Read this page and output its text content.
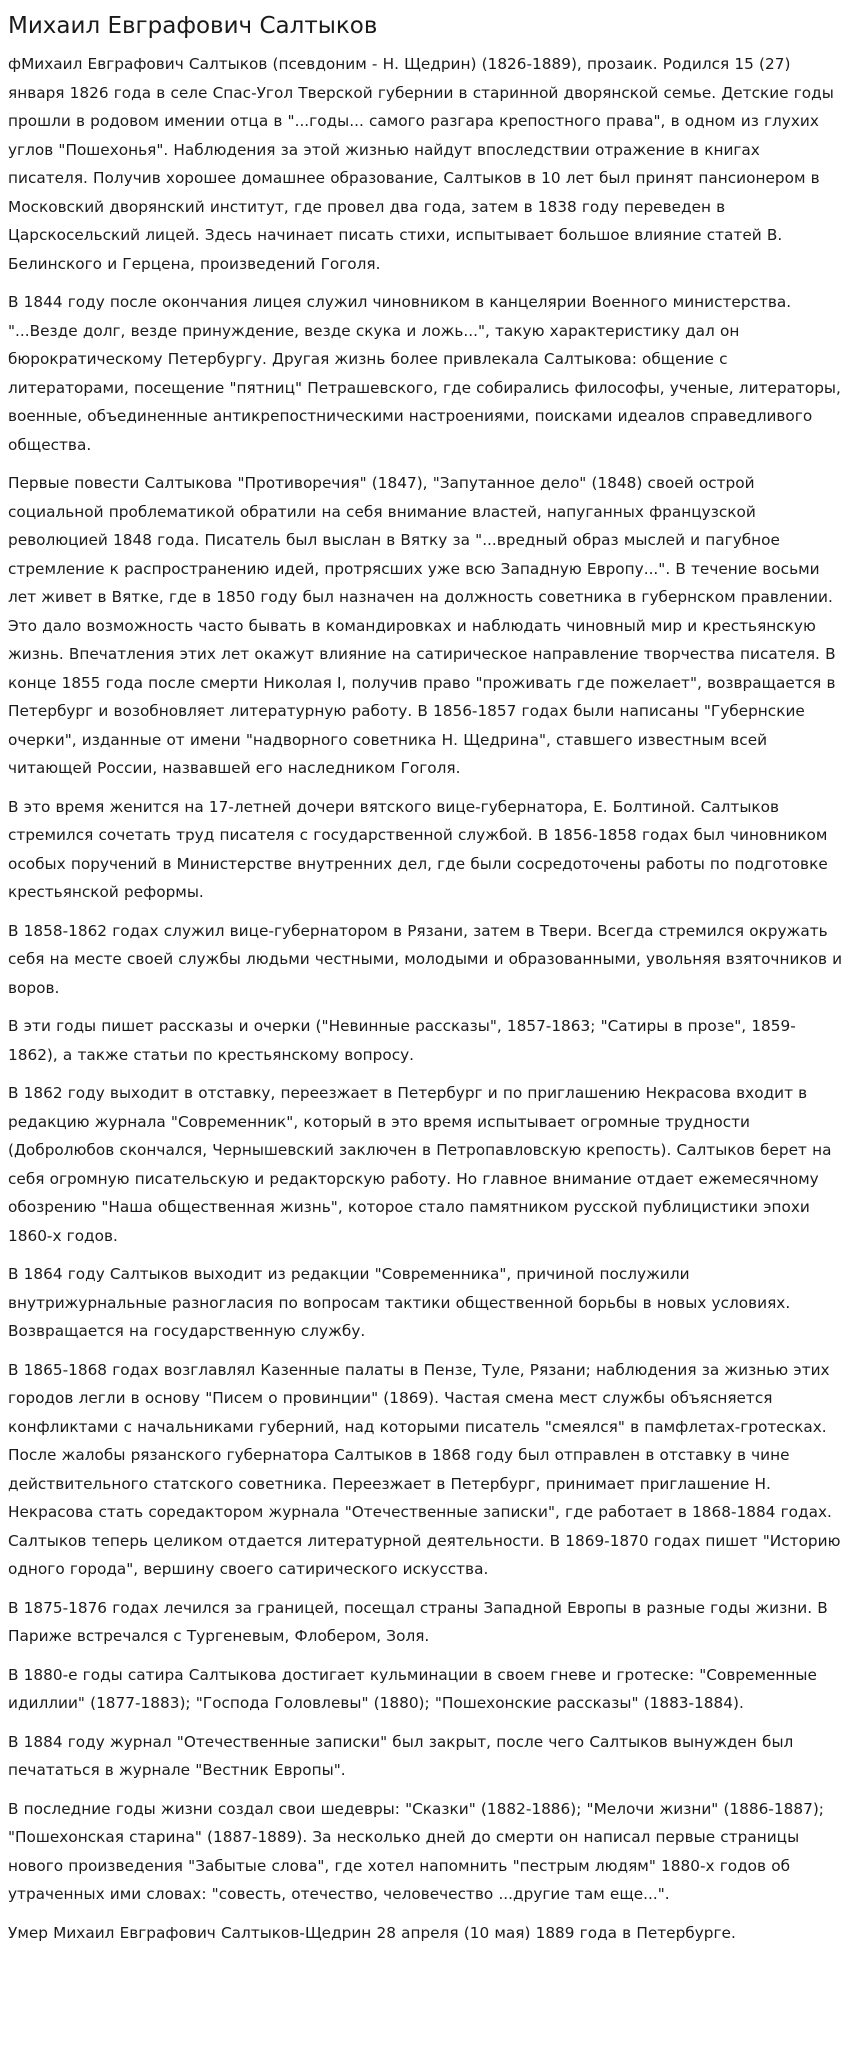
Михаил Евграфович Салтыков

фМихаил Евграфович Салтыков (псевдоним - Н. Щедрин) (1826-1889), прозаик. Родился 15 (27) января 1826 года в селе Спас-Угол Тверской губернии в старинной дворянской семье. Детские годы прошли в родовом имении отца в "...годы... самого разгара крепостного права", в одном из глухих углов "Пошехонья". Наблюдения за этой жизнью найдут впоследствии отражение в книгах писателя. Получив хорошее домашнее образование, Салтыков в 10 лет был принят пансионером в Московский дворянский институт, где провел два года, затем в 1838 году переведен в Царскосельский лицей. Здесь начинает писать стихи, испытывает большое влияние статей В. Белинского и Герцена, произведений Гоголя.

В 1844 году после окончания лицея служил чиновником в канцелярии Военного министерства. "...Везде долг, везде принуждение, везде скука и ложь...", такую характеристику дал он бюрократическому Петербургу. Другая жизнь более привлекала Салтыкова: общение с литераторами, посещение "пятниц" Петрашевского, где собирались философы, ученые, литераторы, военные, объединенные антикрепостническими настроениями, поисками идеалов справедливого общества.

Первые повести Салтыкова "Противоречия" (1847), "Запутанное дело" (1848) своей острой социальной проблематикой обратили на себя внимание властей, напуганных французской революцией 1848 года. Писатель был выслан в Вятку за "...вредный образ мыслей и пагубное стремление к распространению идей, протрясших уже всю Западную Европу...". В течение восьми лет живет в Вятке, где в 1850 году был назначен на должность советника в губернском правлении. Это дало возможность часто бывать в командировках и наблюдать чиновный мир и крестьянскую жизнь. Впечатления этих лет окажут влияние на сатирическое направление творчества писателя. В конце 1855 года после смерти Николая I, получив право "проживать где пожелает", возвращается в Петербург и возобновляет литературную работу. В 1856-1857 годах были написаны "Губернские очерки", изданные от имени "надворного советника Н. Щедрина", ставшего известным всей читающей России, назвавшей его наследником Гоголя.

В это время женится на 17-летней дочери вятского вице-губернатора, Е. Болтиной. Салтыков стремился сочетать труд писателя с государственной службой. В 1856-1858 годах был чиновником особых поручений в Министерстве внутренних дел, где были сосредоточены работы по подготовке крестьянской реформы.

В 1858-1862 годах служил вице-губернатором в Рязани, затем в Твери. Всегда стремился окружать себя на месте своей службы людьми честными, молодыми и образованными, увольняя взяточников и воров.

В эти годы пишет рассказы и очерки ("Невинные рассказы", 1857-1863; "Сатиры в прозе", 1859-1862), а также статьи по крестьянскому вопросу.

В 1862 году выходит в отставку, переезжает в Петербург и по приглашению Некрасова входит в редакцию журнала "Современник", который в это время испытывает огромные трудности (Добролюбов скончался, Чернышевский заключен в Петропавловскую крепость). Салтыков берет на себя огромную писательскую и редакторскую работу. Но главное внимание отдает ежемесячному обозрению "Наша общественная жизнь", которое стало памятником русской публицистики эпохи 1860-х годов.

В 1864 году Салтыков выходит из редакции "Современника", причиной послужили внутрижурнальные разногласия по вопросам тактики общественной борьбы в новых условиях. Возвращается на государственную службу.

В 1865-1868 годах возглавлял Казенные палаты в Пензе, Туле, Рязани; наблюдения за жизнью этих городов легли в основу "Писем о провинции" (1869). Частая смена мест службы объясняется конфликтами с начальниками губерний, над которыми писатель "смеялся" в памфлетах-гротесках. После жалобы рязанского губернатора Салтыков в 1868 году был отправлен в отставку в чине действительного статского советника. Переезжает в Петербург, принимает приглашение Н. Некрасова стать соредактором журнала "Отечественные записки", где работает в 1868-1884 годах. Салтыков теперь целиком отдается литературной деятельности. В 1869-1870 годах пишет "Историю одного города", вершину своего сатирического искусства.

В 1875-1876 годах лечился за границей, посещал страны Западной Европы в разные годы жизни. В Париже встречался с Тургеневым, Флобером, Золя.

В 1880-е годы сатира Салтыкова достигает кульминации в своем гневе и гротеске: "Современные идиллии" (1877-1883); "Господа Головлевы" (1880); "Пошехонские рассказы" (1883-1884).

В 1884 году журнал "Отечественные записки" был закрыт, после чего Салтыков вынужден был печататься в журнале "Вестник Европы".

В последние годы жизни создал свои шедевры: "Сказки" (1882-1886); "Мелочи жизни" (1886-1887); "Пошехонская старина" (1887-1889). За несколько дней до смерти он написал первые страницы нового произведения "Забытые слова", где хотел напомнить "пестрым людям" 1880-х годов об утраченных ими словах: "совесть, отечество, человечество ...другие там еще...".

Умер Михаил Евграфович Салтыков-Щедрин 28 апреля (10 мая) 1889 года в Петербурге.
